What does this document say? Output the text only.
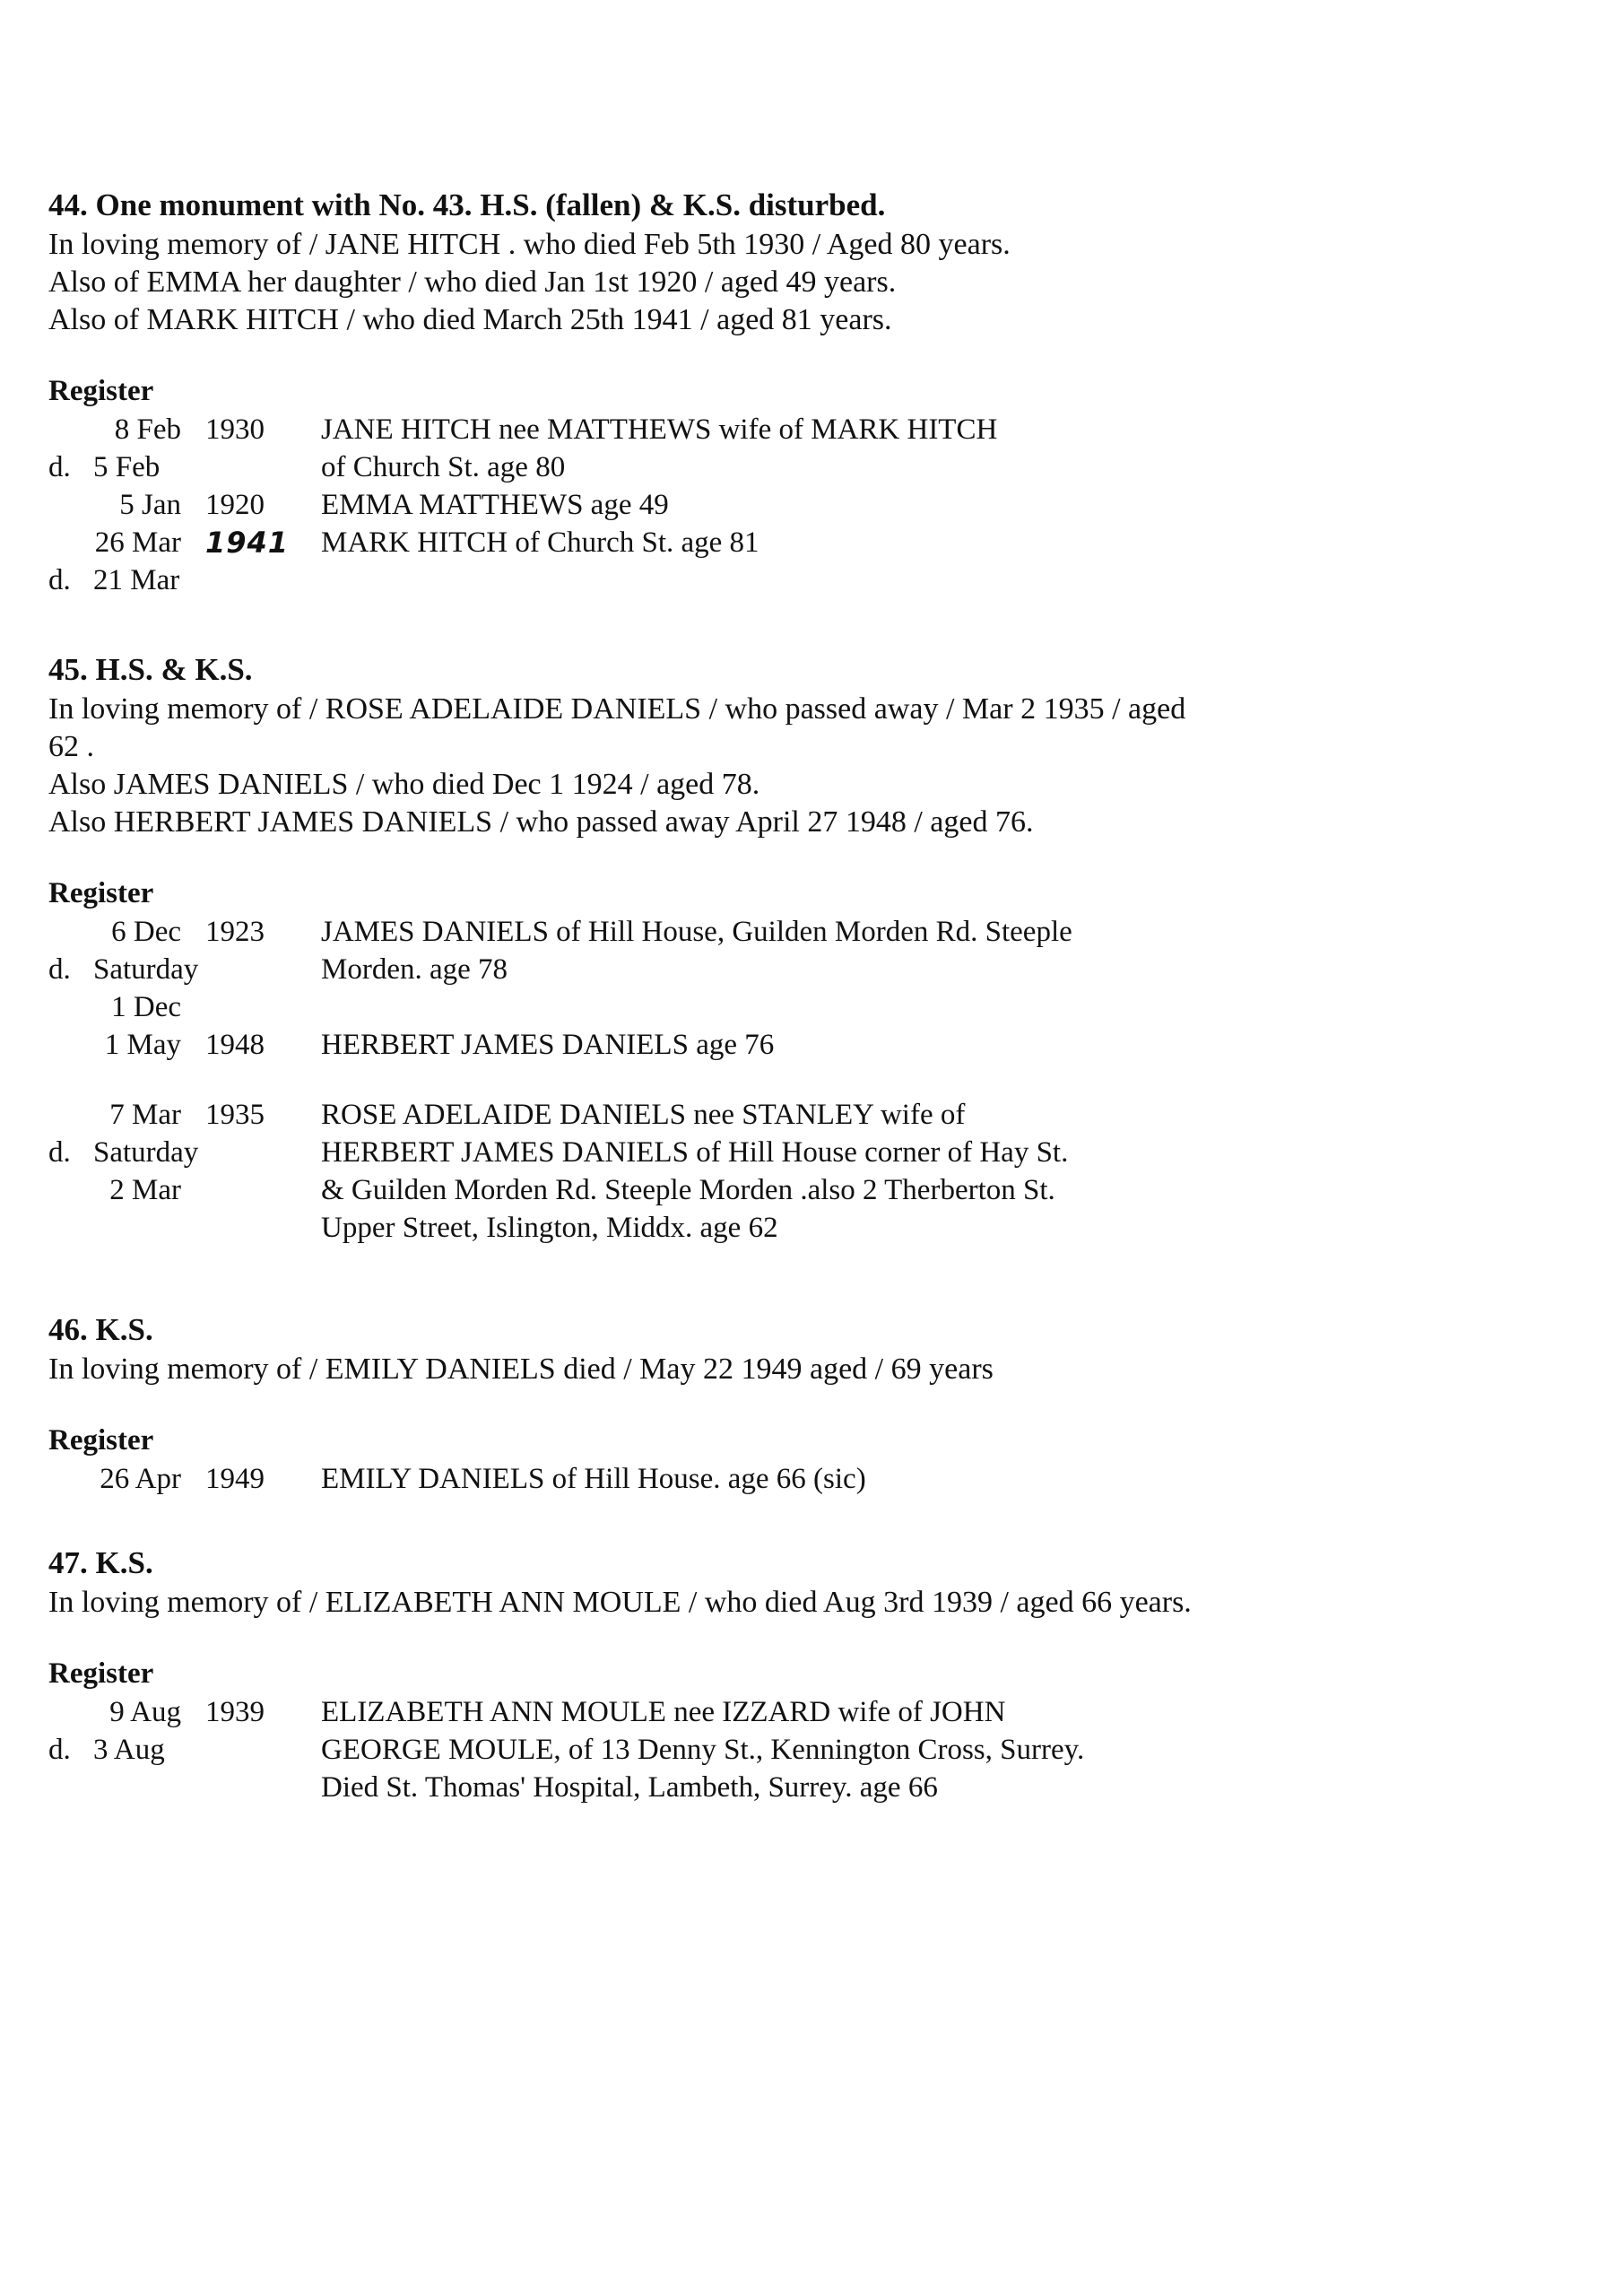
44. One monument with No. 43. H.S. (fallen) & K.S. disturbed.
In loving memory of / JANE HITCH . who died Feb 5th 1930 / Aged 80 years.
Also of EMMA her daughter / who died Jan 1st 1920 / aged 49 years.
Also of MARK HITCH / who died March 25th 1941 / aged 81 years.
Register
8 Feb 1930	JANE HITCH nee MATTHEWS wife of MARK HITCH
d. 5 Feb	of Church St. age 80
5 Jan 1920	EMMA MATTHEWS age 49
26 Mar 1941	MARK HITCH of Church St. age 81
d. 21 Mar
45. H.S. & K.S.
In loving memory of / ROSE ADELAIDE DANIELS / who passed away / Mar 2 1935 / aged
62 .
Also JAMES DANIELS / who died Dec 1 1924 / aged 78.
Also HERBERT JAMES DANIELS / who passed away April 27 1948 / aged 76.
Register
6 Dec 1923	JAMES DANIELS of Hill House, Guilden Morden Rd. Steeple
d. Saturday	Morden. age 78
1 Dec
1 May 1948	HERBERT JAMES DANIELS age 76
7 Mar 1935	ROSE ADELAIDE DANIELS nee STANLEY wife of
d. Saturday	HERBERT JAMES DANIELS of Hill House corner of Hay St.
2 Mar	& Guilden Morden Rd. Steeple Morden .also 2 Therberton St.
Upper Street, Islington, Middx. age 62
46. K.S.
In loving memory of / EMILY DANIELS died / May 22 1949 aged / 69 years
Register
26 Apr 1949	EMILY DANIELS of Hill House. age 66 (sic)
47. K.S.
In loving memory of / ELIZABETH ANN MOULE / who died Aug 3rd 1939 / aged 66 years.
Register
9 Aug 1939	ELIZABETH ANN MOULE nee IZZARD wife of JOHN
d. 3 Aug	GEORGE MOULE, of 13 Denny St., Kennington Cross, Surrey.
Died St. Thomas' Hospital, Lambeth, Surrey. age 66
